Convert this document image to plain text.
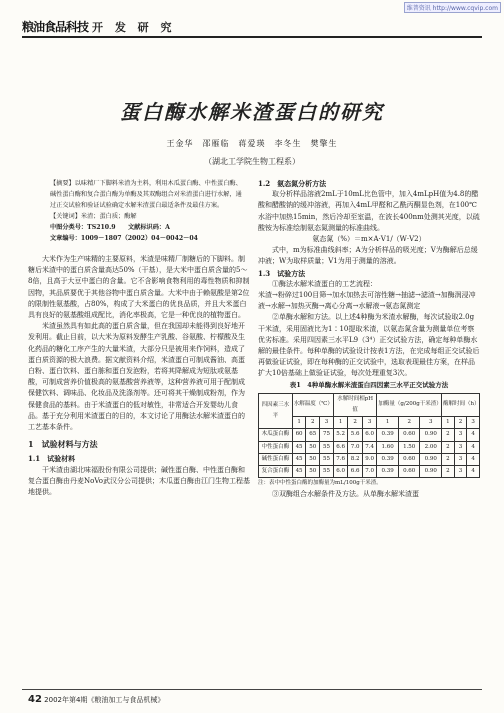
维普资讯 http://www.cqvip.com
粮油食品科技 开 发 研 究
蛋白酶水解米渣蛋白的研究
王金华　邵雁临　蒋爱瑛　李冬生　樊擎生
（湖北工学院生物工程系）

【摘要】以味精厂下脚料米渣为主料，利用木瓜蛋白酶、中性蛋白酶、碱性蛋白酶和复合蛋白酶为单酶及其双酶组合对米渣蛋白进行水解，通过正交试验和验证试验确定水解米渣蛋白最适条件及最佳方案。

【关键词】米渣；蛋白质；酶解

中图分类号：TS210.9　　文献标识码：A

文章编号：1009－1807（2002）04－0042－04

大米作为生产味精的主要原料，米渣是味精厂制糖后的下脚料。制糖后米渣中的蛋白质含量高达50%（干基），是大米中蛋白质含量的5～8倍，且高于大豆中蛋白的含量。它不含影响食物利用的毒性物质和抑制因物，其品质要优于其他谷物中蛋白质含量。大米中由于赖氨酸是第2位的限制性氨基酸，占80%，构成了大米蛋白的优良品质，并且大米蛋白具有良好的氨基酸组成配比，消化率极高，它是一种优良的植物蛋白。

米渣虽然具有如此高的蛋白质含量，但在我国却未能得到良好地开发利用。截止目前，以大米为原料发酵生产乳酸、谷氨酸、柠檬酸及生化药品的糖化工序产生的大量米渣，大部分只是被用来作饲料，造成了蛋白质资源的极大浪费。据文献资料介绍，米渣蛋白可制成酱油、高蛋白粉、蛋白饮料、蛋白胨和蛋白发泡粉，若将其降解成为短肽或氨基酸，可制成营养价值极高的氨基酸营养液等，这种营养液可用于配制成保健饮料、调味品、化妆品及洗涤剂等。还可将其干燥制成粉剂，作为保健食品的基料。由于米渣蛋白的低对敏性，非常适合开发婴幼儿食品。基于充分利用米渣蛋白的目的，本文讨论了用酶法水解米渣蛋白的工艺基本条件。

1　试验材料与方法

1.1　试验材料

干米渣由湖北味福股份有限公司提供；碱性蛋白酶、中性蛋白酶和复合蛋白酶由丹麦NoVo武汉分公司提供；木瓜蛋白酶由江门生物工程基地提供。

1.2　氨态氮分析方法

取分析样品溶液2mL于10mL比色管中，加入4mLpH值为4.8的醋酸和醋酸钠的缓冲溶液，再加入4mL甲醛和乙酰丙酮显色剂，在100℃水浴中加热15min，然后冷却至室温，在波长400nm处测其光度，以硫酸铵为标准绘制氨态氮测量的标准曲线。

氨态氮（%）＝m×A·V1/（W·V2）

式中，m为标准曲线斜率；A为分析样品的吸光度；V为酶解后总缓冲液；W为取样质量；V1为用于测量的溶液。

1.3　试验方法

①酶法水解米渣蛋白的工艺流程：

米渣→粉碎过100目筛→加水加热去可溶性糖→抽滤→滤渣→加酶润浸冲液→水解→加热灭酶→离心分离→水解液→氨态氮测定

②单酶水解和方法。以上述4种酶为米渣水解酶，每次试验取2.0g干米渣，采用固液比为1∶10提取米渣，以氨态氮含量为测量单位考察优劣标准。采用四因素三水平L9（3⁴）正交试验方法，确定每种单酶水解的最佳条件。每种单酶的试验设计按表1方法，在完成每组正交试验后再做验证试验，即在每种酶的正交试验中，选取表现最佳方案，在样品扩大10倍基础上做验证试验，每次处理重复3次。

表1　4种单酶水解米渣蛋白四因素三水平正交试验方法

四因素三水平	水解温度（℃）			水解时间相pH值			加酶量（g/200g干米渣）			酶解时间（h）		
	1	2	3	1	2	3	1	2	3	1	2	3
木瓜蛋白酶	60	65	75	5.2	5.6	6.0	0.39	0.60	0.90	2	3	4
中性蛋白酶	45	50	55	6.6	7.0	7.4	1.60	1.50	2.00	2	3	4
碱性蛋白酶	45	50	55	7.6	8.2	9.0	0.39	0.60	0.90	2	3	4
复合蛋白酶	45	50	55	6.0	6.6	7.0	0.39	0.60	0.90	2	3	4

注：表中中性蛋白酶的加酶量为mL/100g干米渣。

③双酶组合水解条件及方法。从单酶水解米渣蛋

42 2002年第4期《粮油加工与食品机械》
